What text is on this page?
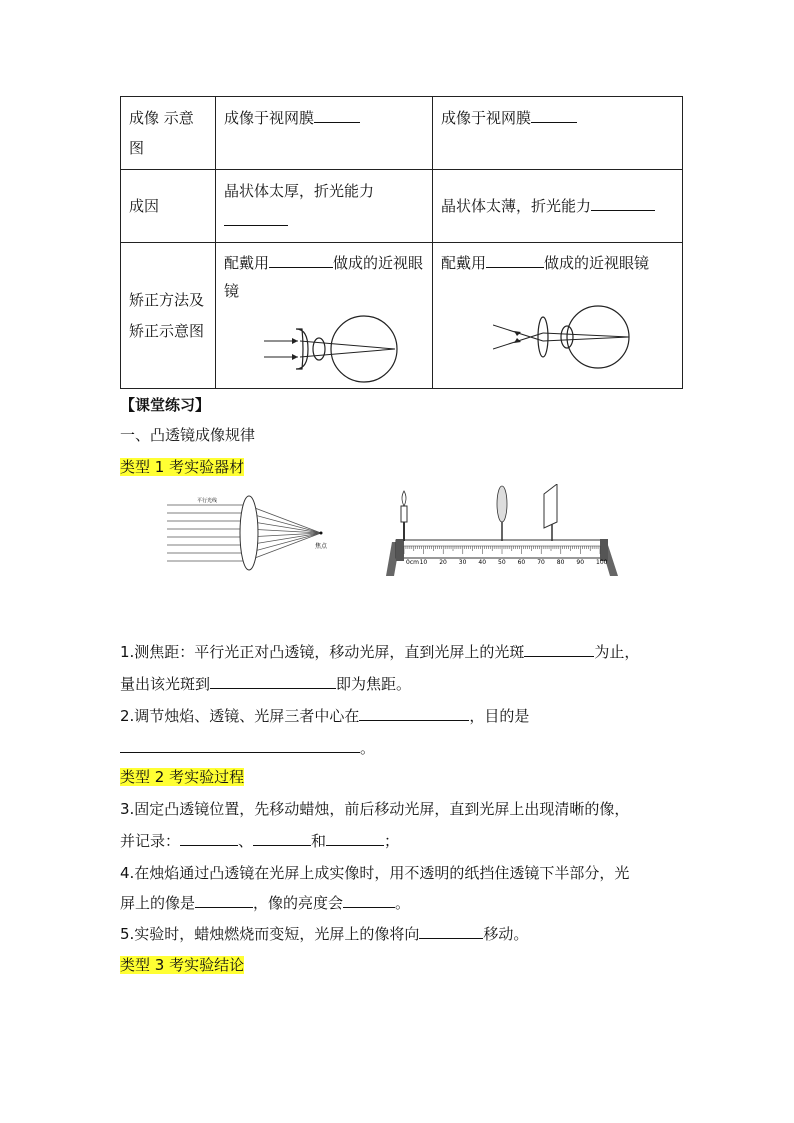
成像 示意图	成像于视网膜	成像于视网膜
成因	晶状体太厚，折光能力	晶状体太薄，折光能力
矫正方法及矫正示意图	配戴用 做成的近视眼镜	配戴用 做成的近视眼镜
【课堂练习】
一、凸透镜成像规律
类型 1 考实验器材
平行光线
焦点
0cm 10 20 30 40 50 60 70 80 90 100
1.测焦距：平行光正对凸透镜，移动光屏，直到光屏上的光斑	为止，
量出该光斑到	即为焦距。
2.调节烛焰、透镜、光屏三者中心在	，目的是
。
类型 2 考实验过程
3.固定凸透镜位置，先移动蜡烛，前后移动光屏，直到光屏上出现清晰的像，
并记录：	、	和	；
4.在烛焰通过凸透镜在光屏上成实像时，用不透明的纸挡住透镜下半部分，光
屏上的像是	，像的亮度会	。
5.实验时，蜡烛燃烧而变短，光屏上的像将向	移动。
类型 3 考实验结论
